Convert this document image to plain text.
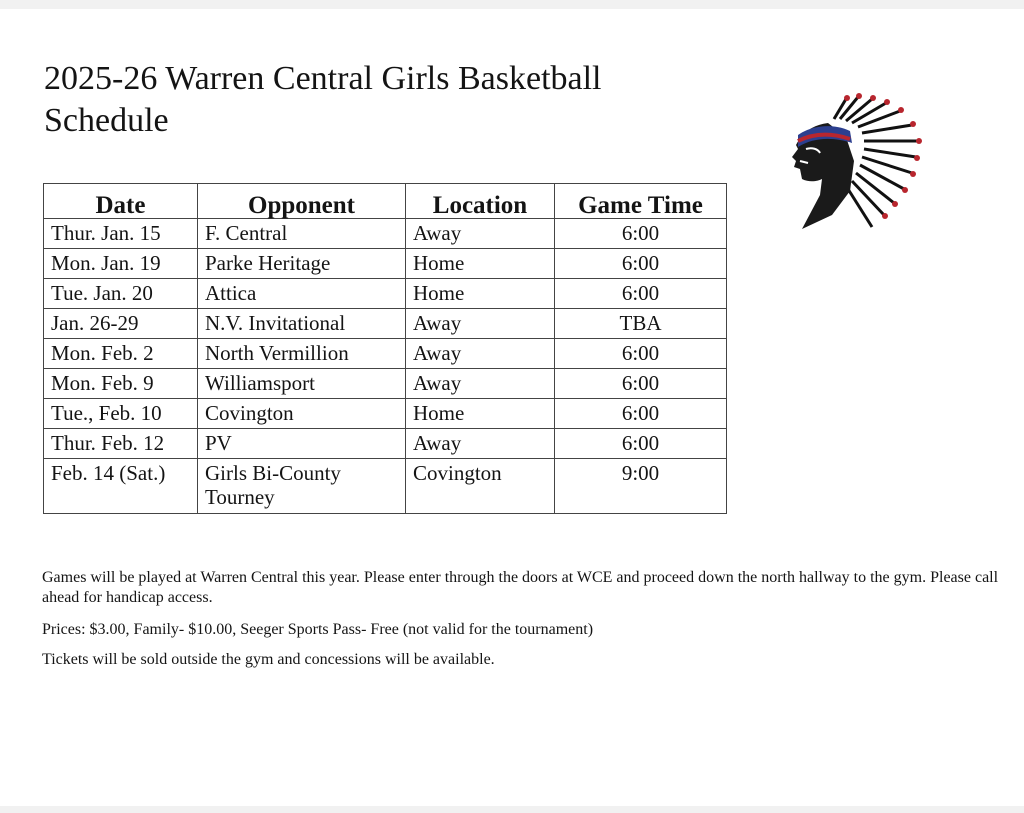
2025-26 Warren Central Girls Basketball
Schedule
Date	Opponent	Location	Game Time
Thur. Jan. 15	F. Central	Away	6:00
Mon. Jan. 19	Parke Heritage	Home	6:00
Tue. Jan. 20	Attica	Home	6:00
Jan. 26-29	N.V. Invitational	Away	TBA
Mon. Feb. 2	North Vermillion	Away	6:00
Mon. Feb. 9	Williamsport	Away	6:00
Tue., Feb. 10	Covington	Home	6:00
Thur. Feb. 12	PV	Away	6:00
Feb. 14 (Sat.)	Girls Bi-County Tourney	Covington	9:00

Games will be played at Warren Central this year. Please enter through the doors at WCE and proceed down the north hallway to the gym. Please call ahead for handicap access.

Prices: $3.00, Family- $10.00, Seeger Sports Pass- Free (not valid for the tournament)

Tickets will be sold outside the gym and concessions will be available.
